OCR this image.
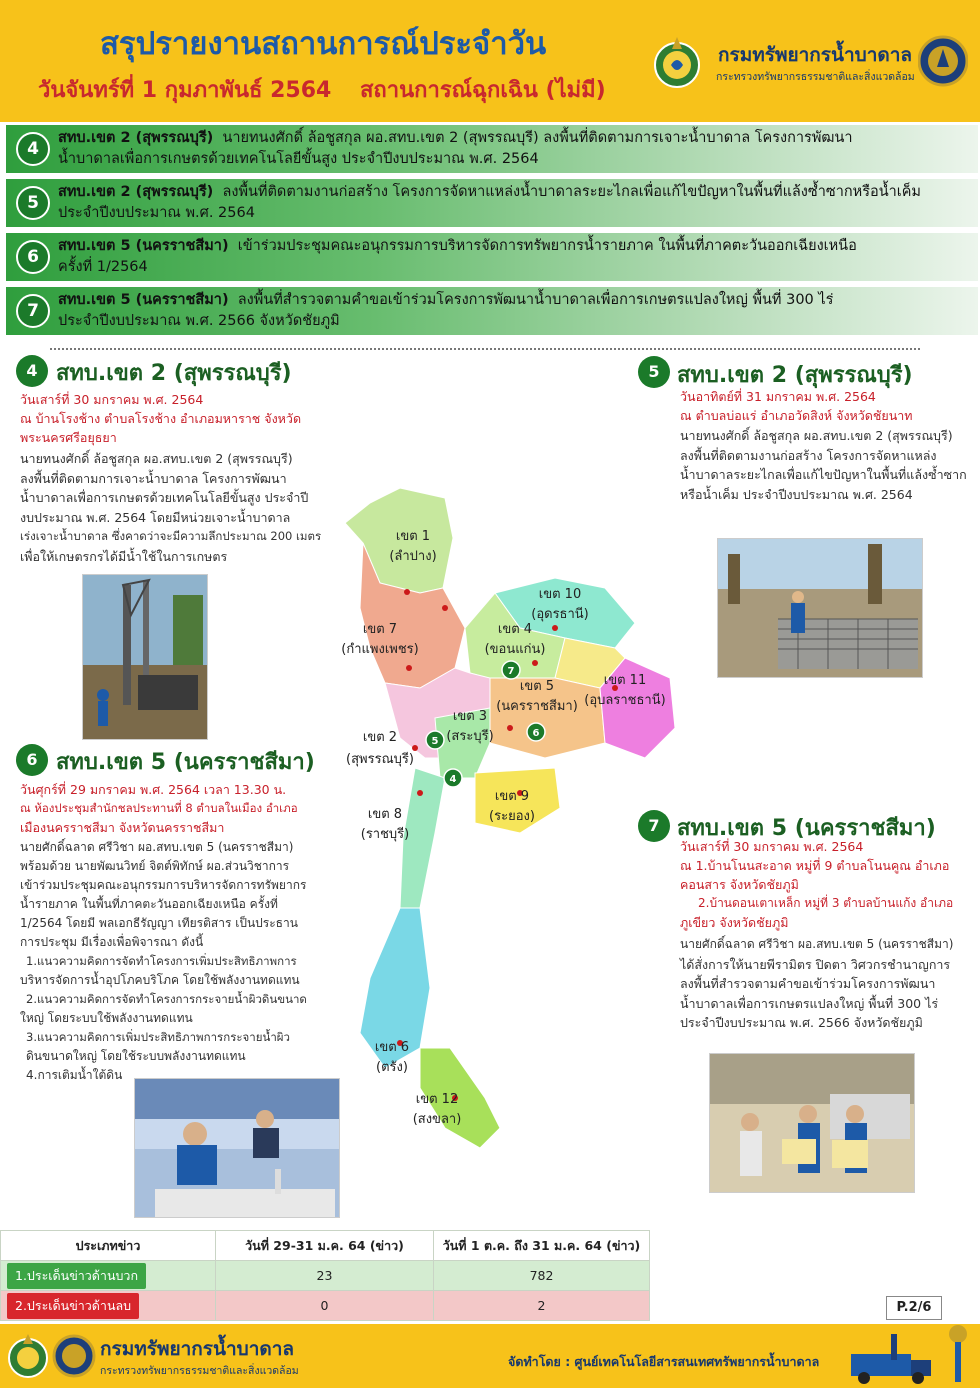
สรุปรายงานสถานการณ์ประจำวัน
วันจันทร์ที่ 1 กุมภาพันธ์ 2564 สถานการณ์ฉุกเฉิน (ไม่มี)
กรมทรัพยากรน้ำบาดาล
กระทรวงทรัพยากรธรรมชาติและสิ่งแวดล้อม
4
สทบ.เขต 2 (สุพรรณบุรี) นายทนงศักดิ์ ล้อชูสกุล ผอ.สทบ.เขต 2 (สุพรรณบุรี) ลงพื้นที่ติดตามการเจาะน้ำบาดาล โครงการพัฒนา
น้ำบาดาลเพื่อการเกษตรด้วยเทคโนโลยีขั้นสูง ประจำปีงบประมาณ พ.ศ. 2564
5
สทบ.เขต 2 (สุพรรณบุรี) ลงพื้นที่ติดตามงานก่อสร้าง โครงการจัดหาแหล่งน้ำบาดาลระยะไกลเพื่อแก้ไขปัญหาในพื้นที่แล้งซ้ำซากหรือน้ำเค็ม
ประจำปีงบประมาณ พ.ศ. 2564
6
สทบ.เขต 5 (นครราชสีมา) เข้าร่วมประชุมคณะอนุกรรมการบริหารจัดการทรัพยากรน้ำรายภาค ในพื้นที่ภาคตะวันออกเฉียงเหนือ
ครั้งที่ 1/2564
7
สทบ.เขต 5 (นครราชสีมา) ลงพื้นที่สำรวจตามคำขอเข้าร่วมโครงการพัฒนาน้ำบาดาลเพื่อการเกษตรแปลงใหญ่ พื้นที่ 300 ไร่
ประจำปีงบประมาณ พ.ศ. 2566 จังหวัดชัยภูมิ
4 สทบ.เขต 2 (สุพรรณบุรี)
วันเสาร์ที่ 30 มกราคม พ.ศ. 2564
ณ บ้านโรงช้าง ตำบลโรงช้าง อำเภอมหาราช จังหวัด
พระนครศรีอยุธยา
นายทนงศักดิ์ ล้อชูสกุล ผอ.สทบ.เขต 2 (สุพรรณบุรี)
ลงพื้นที่ติดตามการเจาะน้ำบาดาล โครงการพัฒนา
น้ำบาดาลเพื่อการเกษตรด้วยเทคโนโลยีขั้นสูง ประจำปี
งบประมาณ พ.ศ. 2564 โดยมีหน่วยเจาะน้ำบาดาล
เร่งเจาะน้ำบาดาล ซึ่งคาดว่าจะมีความลึกประมาณ 200 เมตร
เพื่อให้เกษตรกรได้มีน้ำใช้ในการเกษตร
5 สทบ.เขต 2 (สุพรรณบุรี)
วันอาทิตย์ที่ 31 มกราคม พ.ศ. 2564
ณ ตำบลบ่อแร่ อำเภอวัดสิงห์ จังหวัดชัยนาท
นายทนงศักดิ์ ล้อชูสกุล ผอ.สทบ.เขต 2 (สุพรรณบุรี)
ลงพื้นที่ติดตามงานก่อสร้าง โครงการจัดหาแหล่ง
น้ำบาดาลระยะไกลเพื่อแก้ไขปัญหาในพื้นที่แล้งซ้ำซาก
หรือน้ำเค็ม ประจำปีงบประมาณ พ.ศ. 2564
เขต 1
(ลำปาง)
เขต 7
(กำแพงเพชร)
เขต 10
(อุดรธานี)
เขต 4
(ขอนแก่น)
เขต 5
(นครราชสีมา)
เขต 11
(อุบลราชธานี)
เขต 3
(สระบุรี)
เขต 2
(สุพรรณบุรี)
เขต 8
(ราชบุรี)
เขต 9
(ระยอง)
เขต 6
(ตรัง)
เขต 12
(สงขลา)
4
5
6
7
6 สทบ.เขต 5 (นครราชสีมา)
วันศุกร์ที่ 29 มกราคม พ.ศ. 2564 เวลา 13.30 น.
ณ ห้องประชุมสำนักชลประทานที่ 8 ตำบลในเมือง อำเภอ
เมืองนครราชสีมา จังหวัดนครราชสีมา
นายศักดิ์ฉลาด ศรีวิชา ผอ.สทบ.เขต 5 (นครราชสีมา)
พร้อมด้วย นายพัฒนวิทย์ จิตต์พิทักษ์ ผอ.ส่วนวิชาการ
เข้าร่วมประชุมคณะอนุกรรมการบริหารจัดการทรัพยากร
น้ำรายภาค ในพื้นที่ภาคตะวันออกเฉียงเหนือ ครั้งที่
1/2564 โดยมี พลเอกธีรัญญา เทียรติสาร เป็นประธาน
การประชุม มีเรื่องเพื่อพิจารณา ดังนี้
1.แนวความคิดการจัดทำโครงการเพิ่มประสิทธิภาพการ
บริหารจัดการน้ำอุปโภคบริโภค โดยใช้พลังงานทดแทน
2.แนวความคิดการจัดทำโครงการกระจายน้ำผิวดินขนาด
ใหญ่ โดยระบบใช้พลังงานทดแทน
3.แนวความคิดการเพิ่มประสิทธิภาพการกระจายน้ำผิว
ดินขนาดใหญ่ โดยใช้ระบบพลังงานทดแทน
4.การเติมน้ำใต้ดิน
7 สทบ.เขต 5 (นครราชสีมา)
วันเสาร์ที่ 30 มกราคม พ.ศ. 2564
ณ 1.บ้านโนนสะอาด หมู่ที่ 9 ตำบลโนนคูณ อำเภอ
คอนสาร จังหวัดชัยภูมิ
2.บ้านดอนเตาเหล็ก หมู่ที่ 3 ตำบลบ้านแก้ง อำเภอ
ภูเขียว จังหวัดชัยภูมิ
นายศักดิ์ฉลาด ศรีวิชา ผอ.สทบ.เขต 5 (นครราชสีมา)
ได้สั่งการให้นายพีรามิตร ปิดตา วิศวกรชำนาญการ
ลงพื้นที่สำรวจตามคำขอเข้าร่วมโครงการพัฒนา
น้ำบาดาลเพื่อการเกษตรแปลงใหญ่ พื้นที่ 300 ไร่
ประจำปีงบประมาณ พ.ศ. 2566 จังหวัดชัยภูมิ
ประเภทข่าว	วันที่ 29-31 ม.ค. 64 (ข่าว)	วันที่ 1 ต.ค. ถึง 31 ม.ค. 64 (ข่าว)
1.ประเด็นข่าวด้านบวก	23	782
2.ประเด็นข่าวด้านลบ	0	2	P.2/6
กรมทรัพยากรน้ำบาดาล
กระทรวงทรัพยากรธรรมชาติและสิ่งแวดล้อม
จัดทำโดย : ศูนย์เทคโนโลยีสารสนเทศทรัพยากรน้ำบาดาล
